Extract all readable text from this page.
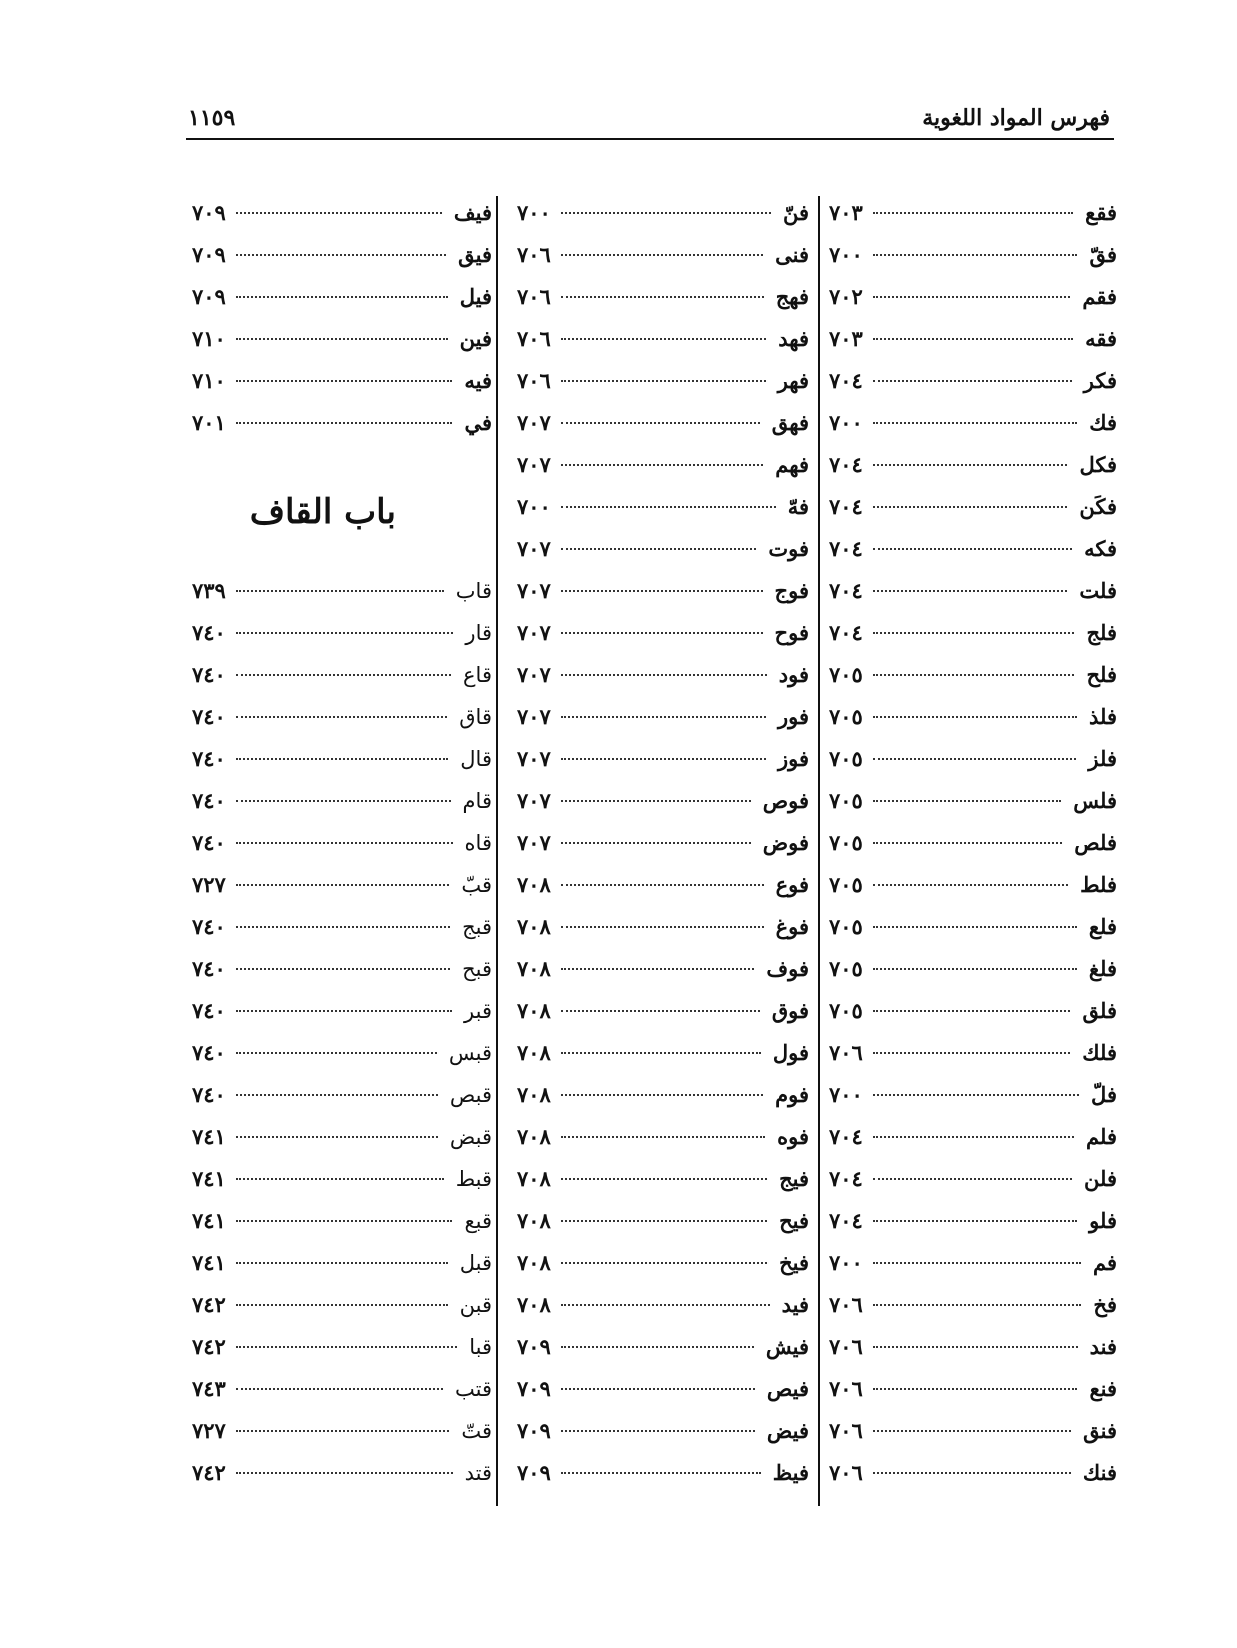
فهرس المواد اللغوية
١١٥٩
فقع
٧٠٣
فقّ
٧٠٠
فقم
٧٠٢
فقه
٧٠٣
فكر
٧٠٤
فك
٧٠٠
فكل
٧٠٤
فكَن
٧٠٤
فكه
٧٠٤
فلت
٧٠٤
فلج
٧٠٤
فلح
٧٠٥
فلذ
٧٠٥
فلز
٧٠٥
فلس
٧٠٥
فلص
٧٠٥
فلط
٧٠٥
فلع
٧٠٥
فلغ
٧٠٥
فلق
٧٠٥
فلك
٧٠٦
فلّ
٧٠٠
فلم
٧٠٤
فلن
٧٠٤
فلو
٧٠٤
فم
٧٠٠
فخ
٧٠٦
فند
٧٠٦
فنع
٧٠٦
فنق
٧٠٦
فنك
٧٠٦
فنّ
٧٠٠
فنى
٧٠٦
فهج
٧٠٦
فهد
٧٠٦
فهر
٧٠٦
فهق
٧٠٧
فهم
٧٠٧
فهّ
٧٠٠
فوت
٧٠٧
فوج
٧٠٧
فوح
٧٠٧
فود
٧٠٧
فور
٧٠٧
فوز
٧٠٧
فوص
٧٠٧
فوض
٧٠٧
فوع
٧٠٨
فوغ
٧٠٨
فوف
٧٠٨
فوق
٧٠٨
فول
٧٠٨
فوم
٧٠٨
فوه
٧٠٨
فيج
٧٠٨
فيح
٧٠٨
فيخ
٧٠٨
فيد
٧٠٨
فيش
٧٠٩
فيص
٧٠٩
فيض
٧٠٩
فيظ
٧٠٩
فيف
٧٠٩
فيق
٧٠٩
فيل
٧٠٩
فين
٧١٠
فيه
٧١٠
في
٧٠١
باب القاف
قاب
٧٣٩
قار
٧٤٠
قاع
٧٤٠
قاق
٧٤٠
قال
٧٤٠
قام
٧٤٠
قاه
٧٤٠
قبّ
٧٢٧
قبج
٧٤٠
قبح
٧٤٠
قبر
٧٤٠
قبس
٧٤٠
قبص
٧٤٠
قبض
٧٤١
قبط
٧٤١
قبع
٧٤١
قبل
٧٤١
قبن
٧٤٢
قبا
٧٤٢
قتب
٧٤٣
قتّ
٧٢٧
قتد
٧٤٢
